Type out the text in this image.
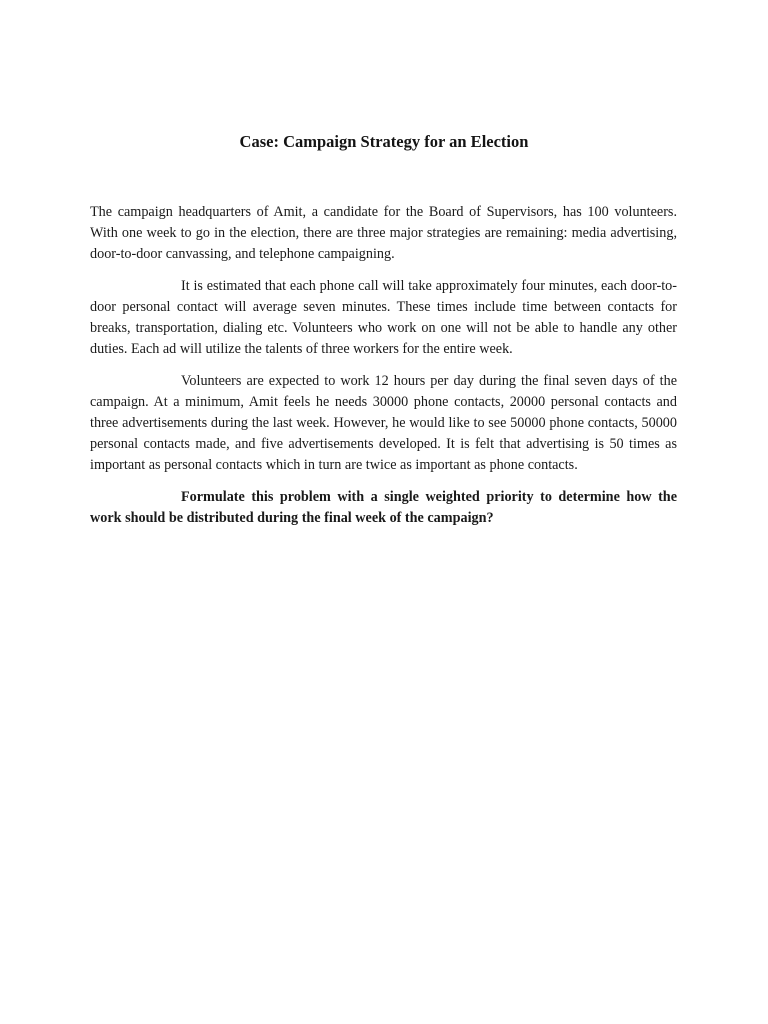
Case: Campaign Strategy for an Election

The campaign headquarters of Amit, a candidate for the Board of Supervisors, has 100 volunteers. With one week to go in the election, there are three major strategies are remaining: media advertising, door-to-door canvassing, and telephone campaigning.

It is estimated that each phone call will take approximately four minutes, each door-to-door personal contact will average seven minutes. These times include time between contacts for breaks, transportation, dialing etc. Volunteers who work on one will not be able to handle any other duties. Each ad will utilize the talents of three workers for the entire week.

Volunteers are expected to work 12 hours per day during the final seven days of the campaign. At a minimum, Amit feels he needs 30000 phone contacts, 20000 personal contacts and three advertisements during the last week. However, he would like to see 50000 phone contacts, 50000 personal contacts made, and five advertisements developed. It is felt that advertising is 50 times as important as personal contacts which in turn are twice as important as phone contacts.

Formulate this problem with a single weighted priority to determine how the work should be distributed during the final week of the campaign?
